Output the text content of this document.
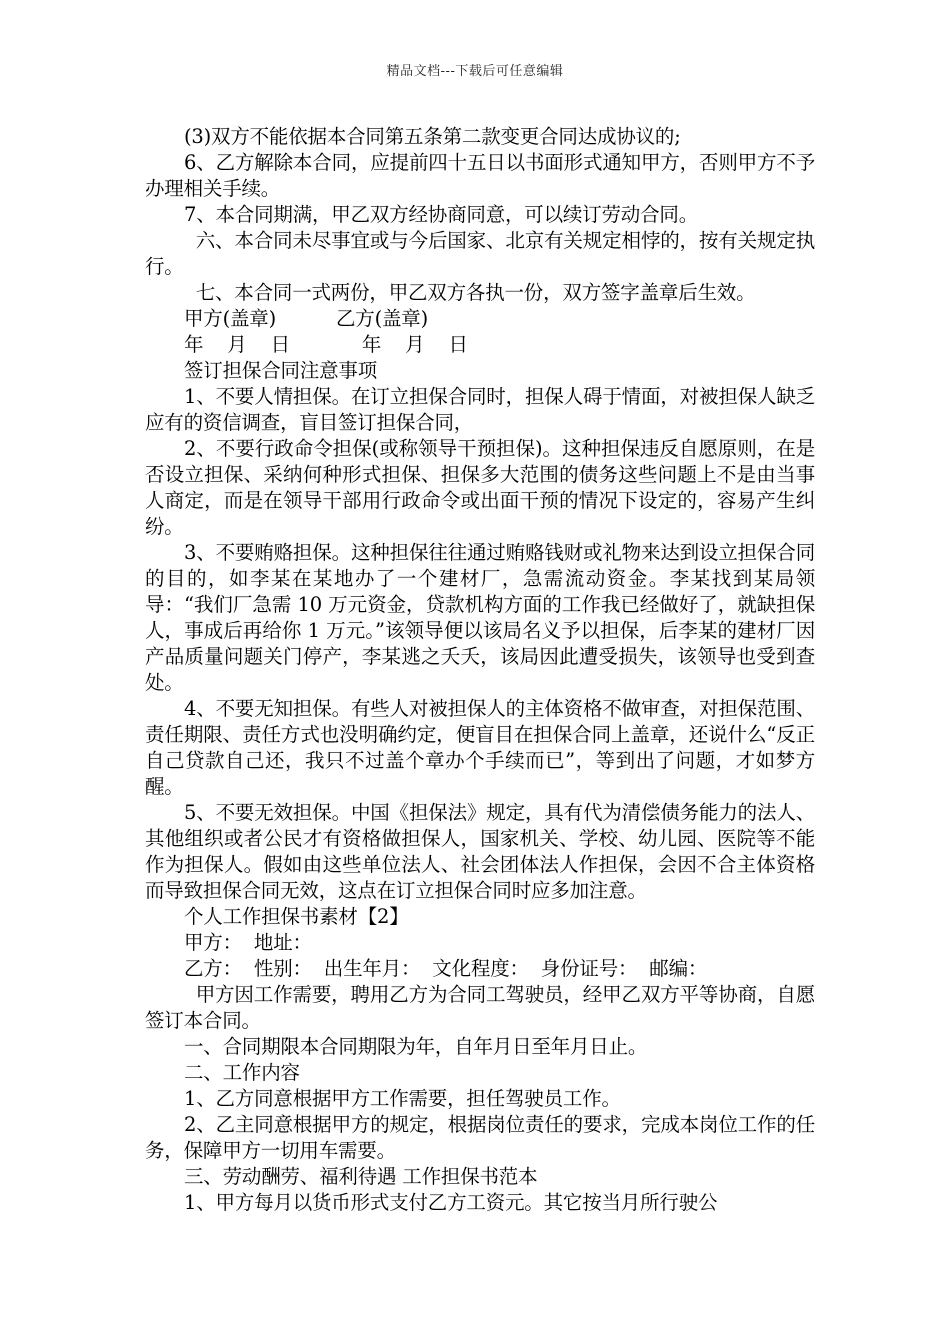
精品文档---下载后可任意编辑

(3)双方不能依据本合同第五条第二款变更合同达成协议的;

6、乙方解除本合同，应提前四十五日以书面形式通知甲方，否则甲方不予办理相关手续。

7、本合同期满，甲乙双方经协商同意，可以续订劳动合同。

六、本合同未尽事宜或与今后国家、北京有关规定相悖的，按有关规定执行。

七、本合同一式两份，甲乙双方各执一份，双方签字盖章后生效。

甲方(盖章)          乙方(盖章)

年    月    日            年    月    日

签订担保合同注意事项

1、不要人情担保。在订立担保合同时，担保人碍于情面，对被担保人缺乏应有的资信调查，盲目签订担保合同，

2、不要行政命令担保(或称领导干预担保)。这种担保违反自愿原则，在是否设立担保、采纳何种形式担保、担保多大范围的债务这些问题上不是由当事人商定，而是在领导干部用行政命令或出面干预的情况下设定的，容易产生纠纷。

3、不要贿赂担保。这种担保往往通过贿赂钱财或礼物来达到设立担保合同的目的，如李某在某地办了一个建材厂，急需流动资金。李某找到某局领导：“我们厂急需 10 万元资金，贷款机构方面的工作我已经做好了，就缺担保人，事成后再给你 1 万元。”该领导便以该局名义予以担保，后李某的建材厂因产品质量问题关门停产，李某逃之夭夭，该局因此遭受损失，该领导也受到查处。

4、不要无知担保。有些人对被担保人的主体资格不做审查，对担保范围、责任期限、责任方式也没明确约定，便盲目在担保合同上盖章，还说什么“反正自己贷款自己还，我只不过盖个章办个手续而已”，等到出了问题，才如梦方醒。

5、不要无效担保。中国《担保法》规定，具有代为清偿债务能力的法人、其他组织或者公民才有资格做担保人，国家机关、学校、幼儿园、医院等不能作为担保人。假如由这些单位法人、社会团体法人作担保，会因不合主体资格而导致担保合同无效，这点在订立担保合同时应多加注意。

个人工作担保书素材【2】

甲方：  地址：

乙方：  性别：  出生年月：  文化程度：  身份证号：  邮编：

甲方因工作需要，聘用乙方为合同工驾驶员，经甲乙双方平等协商，自愿签订本合同。

一、合同期限本合同期限为年，自年月日至年月日止。

二、工作内容

1、乙方同意根据甲方工作需要，担任驾驶员工作。

2、乙主同意根据甲方的规定，根据岗位责任的要求，完成本岗位工作的任务，保障甲方一切用车需要。

三、劳动酬劳、福利待遇 工作担保书范本

1、甲方每月以货币形式支付乙方工资元。其它按当月所行驶公
